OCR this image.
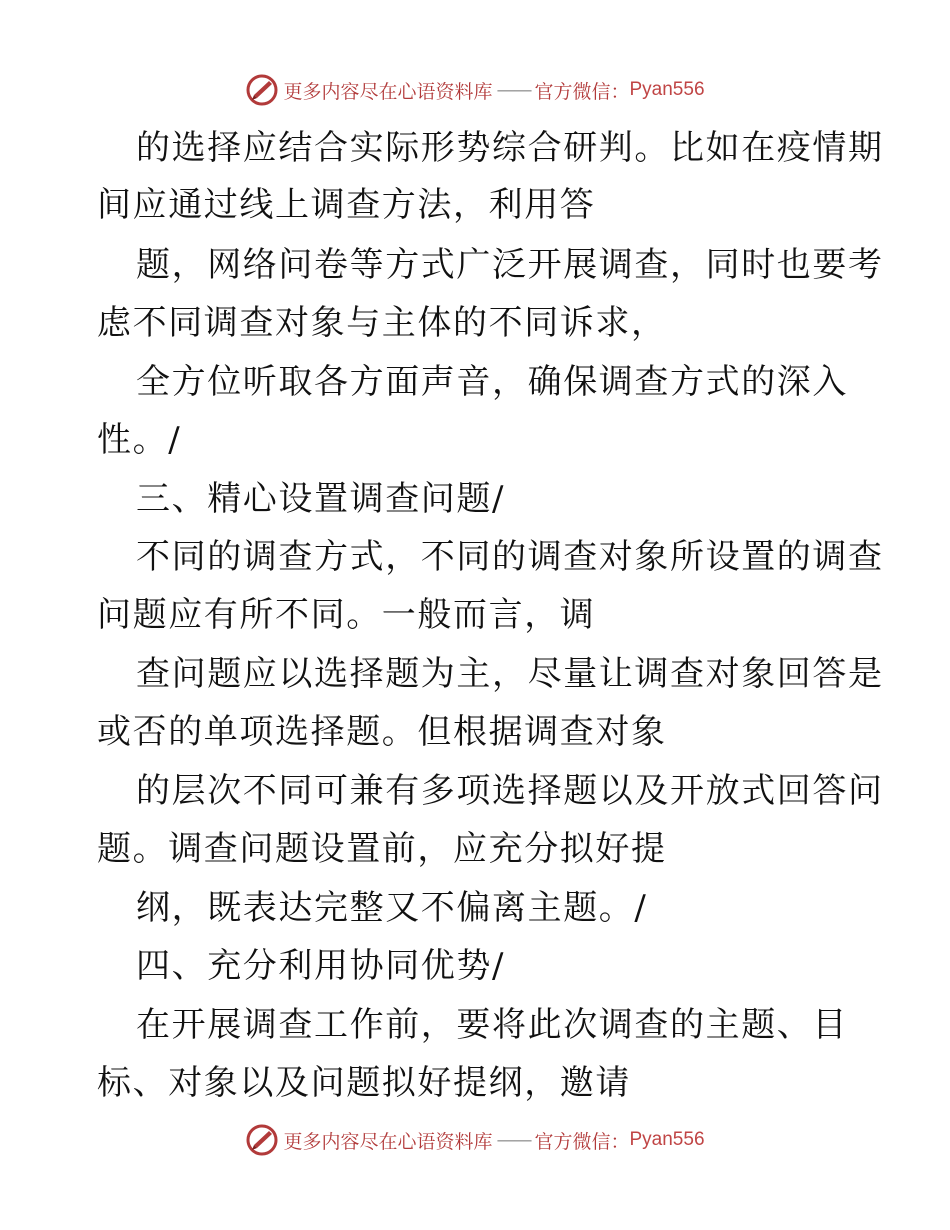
更多内容尽在心语资料库 —— 官方微信： Pyan556
的选择应结合实际形势综合研判。比如在疫情期
间应通过线上调查方法，利用答
题，网络问卷等方式广泛开展调查，同时也要考
虑不同调查对象与主体的不同诉求，
全方位听取各方面声音，确保调查方式的深入
性。/
三、精心设置调查问题/
不同的调查方式，不同的调查对象所设置的调查
问题应有所不同。一般而言，调
查问题应以选择题为主，尽量让调查对象回答是
或否的单项选择题。但根据调查对象
的层次不同可兼有多项选择题以及开放式回答问
题。调查问题设置前，应充分拟好提
纲，既表达完整又不偏离主题。/
四、充分利用协同优势/
在开展调查工作前，要将此次调查的主题、目
标、对象以及问题拟好提纲，邀请
更多内容尽在心语资料库 —— 官方微信： Pyan556
